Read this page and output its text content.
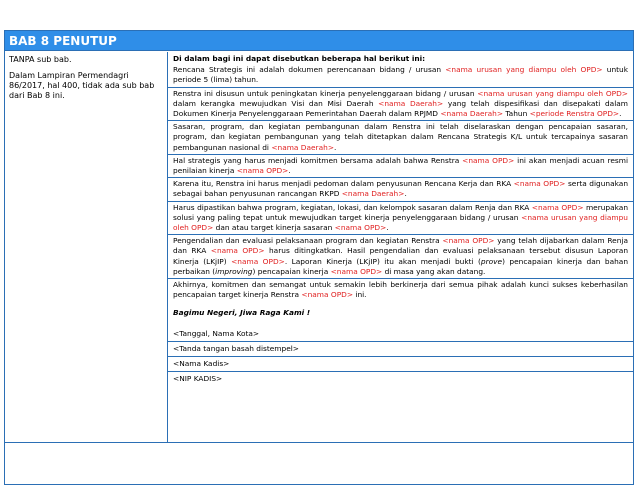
BAB 8 PENUTUP

TANPA sub bab.

Dalam Lampiran Permendagri 86/2017, hal 400, tidak ada sub bab dari Bab 8 ini.

Di dalam bagi ini dapat disebutkan beberapa hal berikut ini:

Rencana Strategis ini adalah dokumen perencanaan bidang / urusan <nama urusan yang diampu oleh OPD> untuk periode 5 (lima) tahun.

Renstra ini disusun untuk peningkatan kinerja penyelenggaraan bidang / urusan <nama urusan yang diampu oleh OPD> dalam kerangka mewujudkan Visi dan Misi Daerah <nama Daerah> yang telah dispesifikasi dan disepakati dalam Dokumen Kinerja Penyelenggaraan Pemerintahan Daerah dalam RPJMD <nama Daerah> Tahun <periode Renstra OPD>.

Sasaran, program, dan kegiatan pembangunan dalam Renstra ini telah diselaraskan dengan pencapaian sasaran, program, dan kegiatan pembangunan yang telah ditetapkan dalam Rencana Strategis K/L untuk tercapainya sasaran pembangunan nasional di <nama Daerah>.

Hal strategis yang harus menjadi komitmen bersama adalah bahwa Renstra <nama OPD> ini akan menjadi acuan resmi penilaian kinerja <nama OPD>.

Karena itu, Renstra ini harus menjadi pedoman dalam penyusunan Rencana Kerja dan RKA <nama OPD> serta digunakan sebagai bahan penyusunan rancangan RKPD <nama Daerah>.

Harus dipastikan bahwa program, kegiatan, lokasi, dan kelompok sasaran dalam Renja dan RKA <nama OPD> merupakan solusi yang paling tepat untuk mewujudkan target kinerja penyelenggaraan bidang / urusan <nama urusan yang diampu oleh OPD> dan atau target kinerja sasaran <nama OPD>.

Pengendalian dan evaluasi pelaksanaan program dan kegiatan Renstra <nama OPD> yang telah dijabarkan dalam Renja dan RKA <nama OPD> harus ditingkatkan. Hasil pengendalian dan evaluasi pelaksanaan tersebut disusun Laporan Kinerja (LKjIP) <nama OPD>. Laporan Kinerja (LKjIP) itu akan menjadi bukti (prove) pencapaian kinerja dan bahan perbaikan (improving) pencapaian kinerja <nama OPD> di masa yang akan datang.

Akhirnya, komitmen dan semangat untuk semakin lebih berkinerja dari semua pihak adalah kunci sukses keberhasilan pencapaian target kinerja Renstra <nama OPD> ini.

Bagimu Negeri, Jiwa Raga Kami !

<Tanggal, Nama Kota>

<Tanda tangan basah distempel>

<Nama Kadis>

<NIP KADIS>
